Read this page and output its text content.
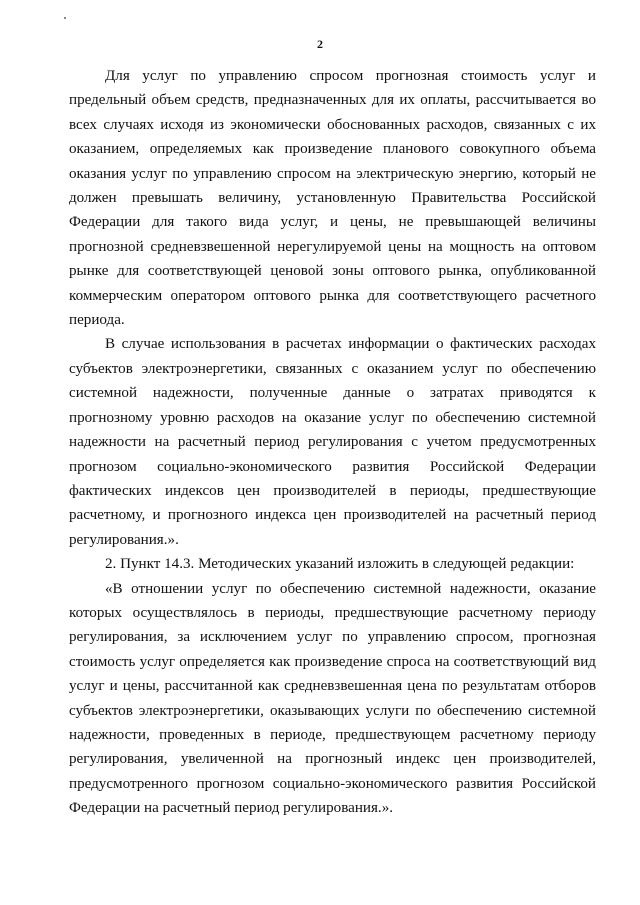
2

Для услуг по управлению спросом прогнозная стоимость услуг и предельный объем средств, предназначенных для их оплаты, рассчитывается во всех случаях исходя из экономически обоснованных расходов, связанных с их оказанием, определяемых как произведение планового совокупного объема оказания услуг по управлению спросом на электрическую энергию, который не должен превышать величину, установленную Правительства Российской Федерации для такого вида услуг, и цены, не превышающей величины прогнозной средневзвешенной нерегулируемой цены на мощность на оптовом рынке для соответствующей ценовой зоны оптового рынка, опубликованной коммерческим оператором оптового рынка для соответствующего расчетного периода.

В случае использования в расчетах информации о фактических расходах субъектов электроэнергетики, связанных с оказанием услуг по обеспечению системной надежности, полученные данные о затратах приводятся к прогнозному уровню расходов на оказание услуг по обеспечению системной надежности на расчетный период регулирования с учетом предусмотренных прогнозом социально-экономического развития Российской Федерации фактических индексов цен производителей в периоды, предшествующие расчетному, и прогнозного индекса цен производителей на расчетный период регулирования.».

2. Пункт 14.3. Методических указаний изложить в следующей редакции:

«В отношении услуг по обеспечению системной надежности, оказание которых осуществлялось в периоды, предшествующие расчетному периоду регулирования, за исключением услуг по управлению спросом, прогнозная стоимость услуг определяется как произведение спроса на соответствующий вид услуг и цены, рассчитанной как средневзвешенная цена по результатам отборов субъектов электроэнергетики, оказывающих услуги по обеспечению системной надежности, проведенных в периоде, предшествующем расчетному периоду регулирования, увеличенной на прогнозный индекс цен производителей, предусмотренного прогнозом социально-экономического развития Российской Федерации на расчетный период регулирования.».
